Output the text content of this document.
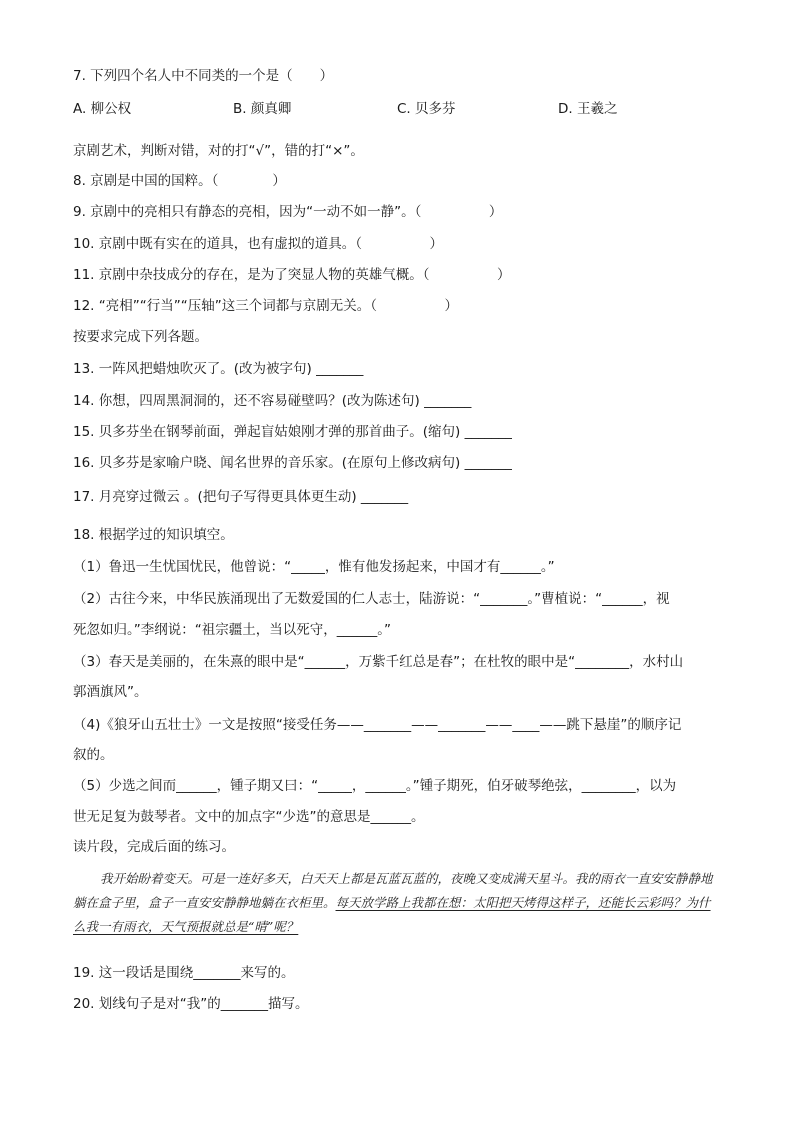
7. 下列四个名人中不同类的一个是（　　）
A. 柳公权	B. 颜真卿	C. 贝多芬	D. 王羲之
京剧艺术，判断对错，对的打“√”，错的打“×”。
8. 京剧是中国的国粹。（　　　　）
9. 京剧中的亮相只有静态的亮相，因为“一动不如一静”。（　　　　　）
10. 京剧中既有实在的道具，也有虚拟的道具。（　　　　　）
11. 京剧中杂技成分的存在，是为了突显人物的英雄气概。（　　　　　）
12. “亮相”“行当”“压轴”这三个词都与京剧无关。（　　　　　）
按要求完成下列各题。
13. 一阵风把蜡烛吹灭了。(改为被字句) _______
14. 你想，四周黑洞洞的，还不容易碰壁吗？(改为陈述句) _______
15. 贝多芬坐在钢琴前面，弹起盲姑娘刚才弹的那首曲子。(缩句) _______
16. 贝多芬是家喻户晓、闻名世界的音乐家。(在原句上修改病句) _______
17. 月亮穿过微云 。(把句子写得更具体更生动) _______
18. 根据学过的知识填空。
（1）鲁迅一生忧国忧民，他曾说：“_____，惟有他发扬起来，中国才有______。”
（2）古往今来，中华民族涌现出了无数爱国的仁人志士，陆游说：“_______。”曹植说：“______，视
死忽如归。”李纲说：“祖宗疆土，当以死守，______。”
（3）春天是美丽的，在朱熹的眼中是“______，万紫千红总是春”；在杜牧的眼中是“________，水村山
郭酒旗风”。
（4)《狼牙山五壮士》一文是按照“接受任务——_______——_______——____——跳下悬崖”的顺序记
叙的。
（5）少选之间而______，锺子期又曰：“_____，______。”锺子期死，伯牙破琴绝弦，________，以为
世无足复为鼓琴者。文中的加点字“少选”的意思是______。
读片段，完成后面的练习。
我开始盼着变天。可是一连好多天，白天天上都是瓦蓝瓦蓝的，夜晚又变成满天星斗。我的雨衣一直安安静静地躺在盒子里，盒子一直安安静静地躺在衣柜里。每天放学路上我都在想：太阳把天烤得这样子，还能长云彩吗？为什么我一有雨衣，天气预报就总是“晴”呢？
19. 这一段话是围绕_______来写的。
20. 划线句子是对“我”的_______描写。
